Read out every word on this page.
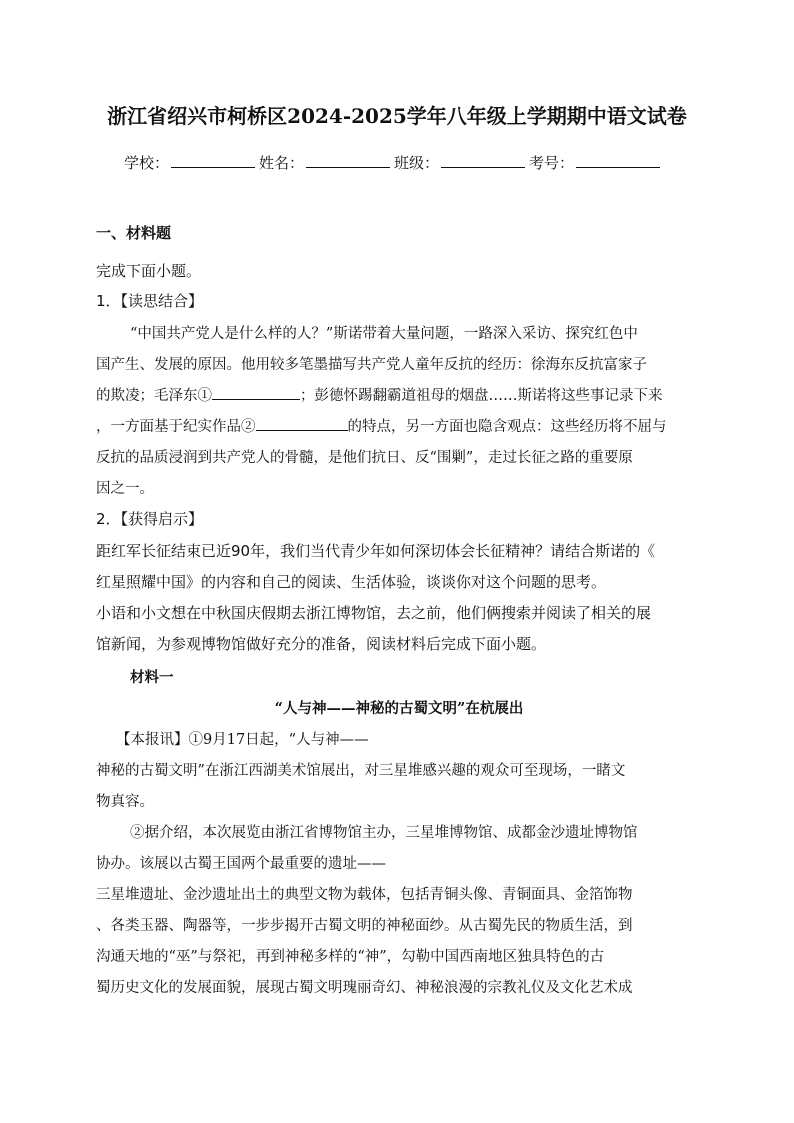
浙江省绍兴市柯桥区2024-2025学年八年级上学期期中语文试卷
学校：	姓名：	班级：	考号：
一、材料题
完成下面小题。
1．【读思结合】
“中国共产党人是什么样的人？”斯诺带着大量问题，一路深入采访、探究红色中
国产生、发展的原因。他用较多笔墨描写共产党人童年反抗的经历：徐海东反抗富家子
的欺凌；毛泽东①	；彭德怀踢翻霸道祖母的烟盘……斯诺将这些事记录下来
，一方面基于纪实作品②	的特点，另一方面也隐含观点：这些经历将不屈与
反抗的品质浸润到共产党人的骨髓，是他们抗日、反“围剿”，走过长征之路的重要原
因之一。
2．【获得启示】
距红军长征结束已近90年，我们当代青少年如何深切体会长征精神？请结合斯诺的《
红星照耀中国》的内容和自己的阅读、生活体验，谈谈你对这个问题的思考。
小语和小文想在中秋国庆假期去浙江博物馆，去之前，他们俩搜索并阅读了相关的展
馆新闻，为参观博物馆做好充分的准备，阅读材料后完成下面小题。
材料一
“人与神——神秘的古蜀文明”在杭展出
【本报讯】①9月17日起，“人与神——
神秘的古蜀文明”在浙江西湖美术馆展出，对三星堆感兴趣的观众可至现场，一睹文
物真容。
②据介绍，本次展览由浙江省博物馆主办，三星堆博物馆、成都金沙遗址博物馆
协办。该展以古蜀王国两个最重要的遗址——
三星堆遗址、金沙遗址出土的典型文物为载体，包括青铜头像、青铜面具、金箔饰物
、各类玉器、陶器等，一步步揭开古蜀文明的神秘面纱。从古蜀先民的物质生活，到
沟通天地的“巫”与祭祀，再到神秘多样的“神”，勾勒中国西南地区独具特色的古
蜀历史文化的发展面貌，展现古蜀文明瑰丽奇幻、神秘浪漫的宗教礼仪及文化艺术成
